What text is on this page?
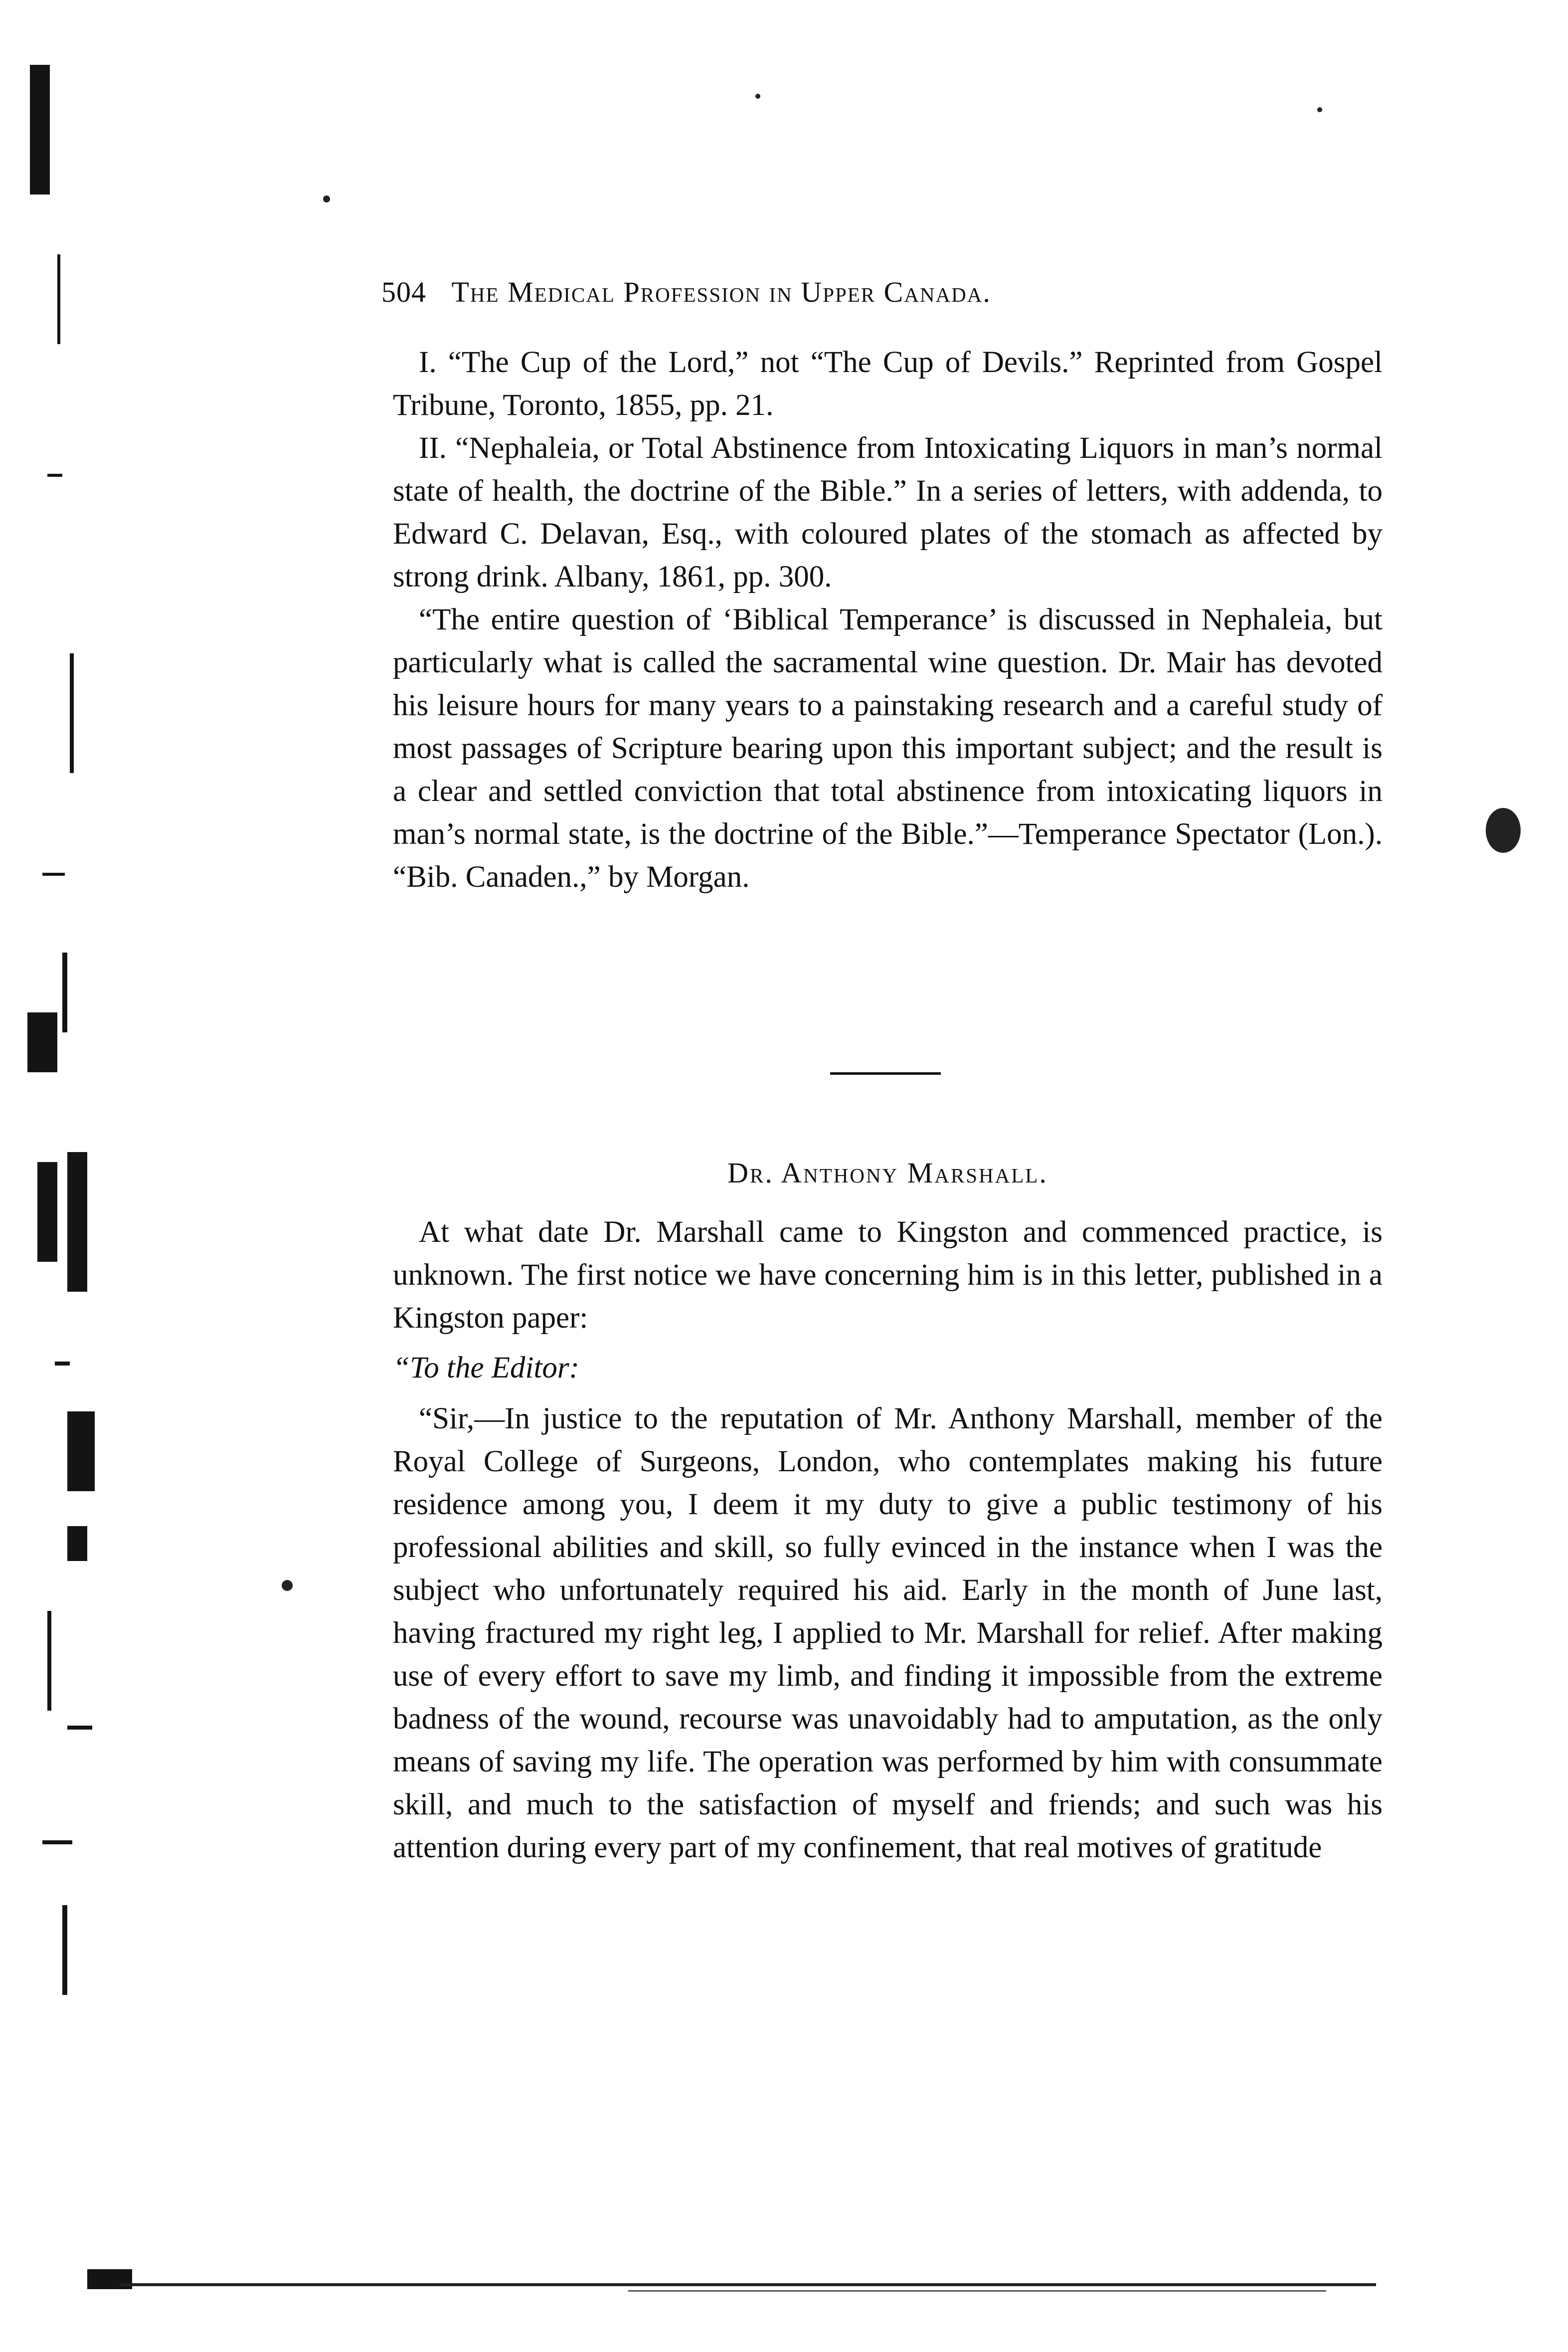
504 The Medical Profession in Upper Canada.

I. “The Cup of the Lord,” not “The Cup of Devils.” Reprinted from Gospel Tribune, Toronto, 1855, pp. 21.

II. “Nephaleia, or Total Abstinence from Intoxicating Liquors in man’s normal state of health, the doctrine of the Bible.” In a series of letters, with addenda, to Edward C. Delavan, Esq., with coloured plates of the stomach as affected by strong drink. Albany, 1861, pp. 300.

“The entire question of ‘Biblical Temperance’ is discussed in Nephaleia, but particularly what is called the sacramental wine question. Dr. Mair has devoted his leisure hours for many years to a painstaking research and a careful study of most passages of Scripture bearing upon this important subject; and the result is a clear and settled conviction that total abstinence from intoxicating liquors in man’s normal state, is the doctrine of the Bible.”—Temperance Spectator (Lon.). “Bib. Canaden.,” by Morgan.

Dr. Anthony Marshall.

At what date Dr. Marshall came to Kingston and commenced practice, is unknown. The first notice we have concerning him is in this letter, published in a Kingston paper:

“To the Editor:

“Sir,—In justice to the reputation of Mr. Anthony Marshall, member of the Royal College of Surgeons, London, who contemplates making his future residence among you, I deem it my duty to give a public testimony of his professional abilities and skill, so fully evinced in the instance when I was the subject who unfortunately required his aid. Early in the month of June last, having fractured my right leg, I applied to Mr. Marshall for relief. After making use of every effort to save my limb, and finding it impossible from the extreme badness of the wound, recourse was unavoidably had to amputation, as the only means of saving my life. The operation was performed by him with consummate skill, and much to the satisfaction of myself and friends; and such was his attention during every part of my confinement, that real motives of gratitude
